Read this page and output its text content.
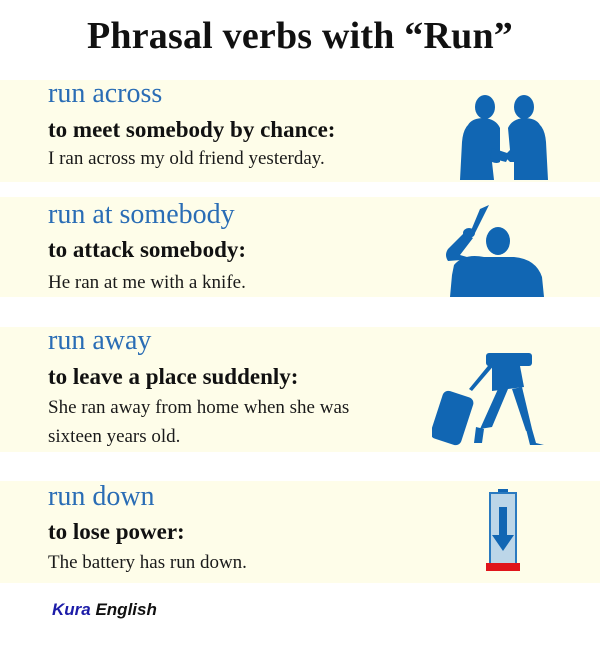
Phrasal verbs with “Run”
run across
to meet somebody by chance:
I ran across my old friend yesterday.
run at somebody
to attack somebody:
He ran at me with a knife.
run away
to leave a place suddenly:
She ran away from home when she was
sixteen years old.
run down
to lose power:
The battery has run down.
Kura English
